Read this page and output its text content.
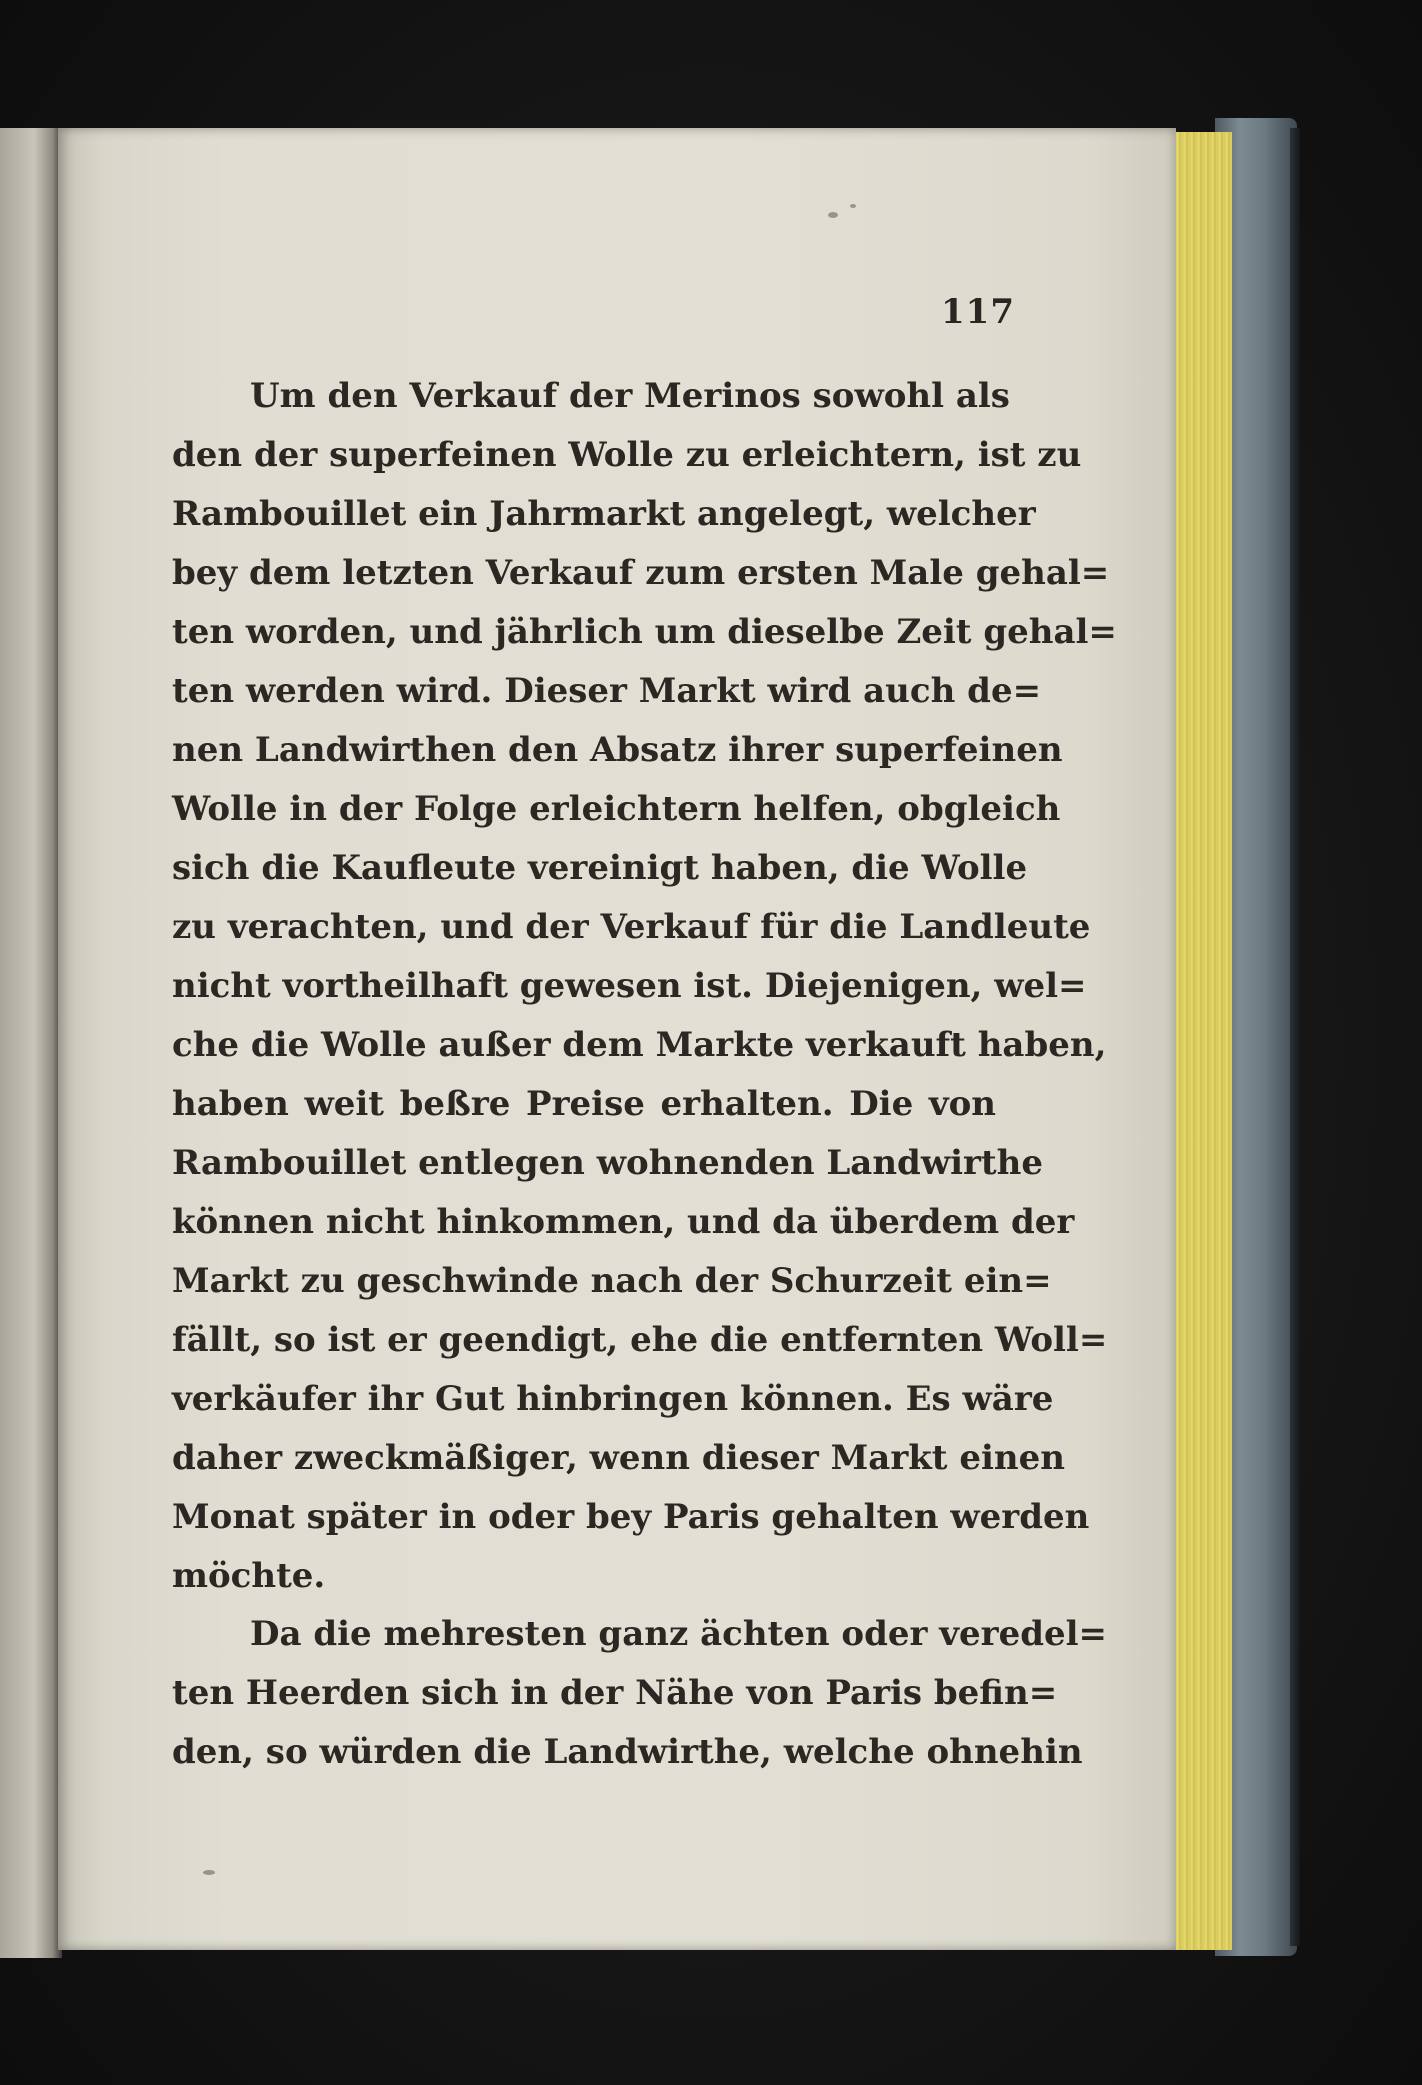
117
Um den Verkauf der Merinos sowohl als
den der superfeinen Wolle zu erleichtern, ist zu
Rambouillet ein Jahrmarkt angelegt, welcher
bey dem letzten Verkauf zum ersten Male gehal=
ten worden, und jährlich um dieselbe Zeit gehal=
ten werden wird. Dieser Markt wird auch de=
nen Landwirthen den Absatz ihrer superfeinen
Wolle in der Folge erleichtern helfen, obgleich
sich die Kaufleute vereinigt haben, die Wolle
zu verachten, und der Verkauf für die Landleute
nicht vortheilhaft gewesen ist. Diejenigen, wel=
che die Wolle außer dem Markte verkauft haben,
haben weit beßre Preise erhalten. Die von
Rambouillet entlegen wohnenden Landwirthe
können nicht hinkommen, und da überdem der
Markt zu geschwinde nach der Schurzeit ein=
fällt, so ist er geendigt, ehe die entfernten Woll=
verkäufer ihr Gut hinbringen können. Es wäre
daher zweckmäßiger, wenn dieser Markt einen
Monat später in oder bey Paris gehalten werden
möchte.
Da die mehresten ganz ächten oder veredel=
ten Heerden sich in der Nähe von Paris befin=
den, so würden die Landwirthe, welche ohnehin
